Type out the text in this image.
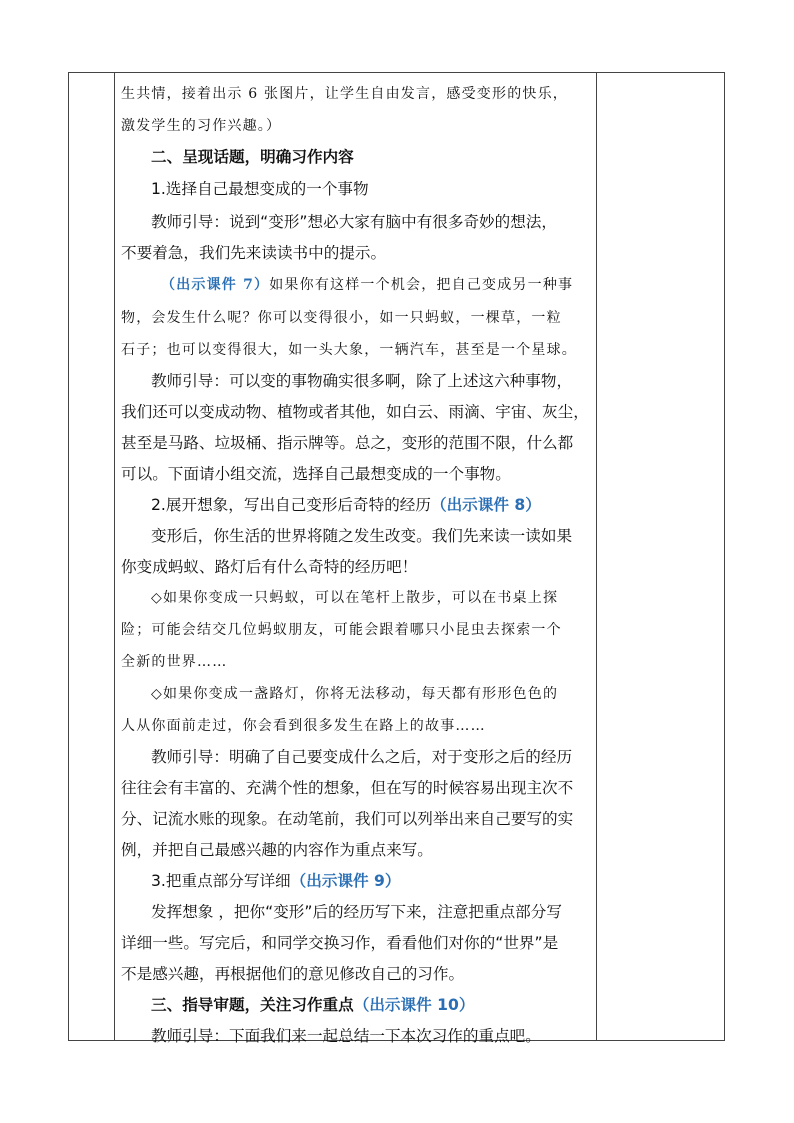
生共情，接着出示 6 张图片，让学生自由发言，感受变形的快乐，
激发学生的习作兴趣。）
二、呈现话题，明确习作内容
1.选择自己最想变成的一个事物
教师引导：说到“变形”想必大家有脑中有很多奇妙的想法，
不要着急，我们先来读读书中的提示。
（出示课件 7）如果你有这样一个机会，把自己变成另一种事
物，会发生什么呢？你可以变得很小，如一只蚂蚁，一棵草，一粒
石子；也可以变得很大，如一头大象，一辆汽车，甚至是一个星球。
教师引导：可以变的事物确实很多啊，除了上述这六种事物，
我们还可以变成动物、植物或者其他，如白云、雨滴、宇宙、灰尘，
甚至是马路、垃圾桶、指示牌等。总之，变形的范围不限，什么都
可以。下面请小组交流，选择自己最想变成的一个事物。
2.展开想象，写出自己变形后奇特的经历（出示课件 8）
变形后，你生活的世界将随之发生改变。我们先来读一读如果
你变成蚂蚁、路灯后有什么奇特的经历吧！
◇如果你变成一只蚂蚁，可以在笔杆上散步，可以在书桌上探
险；可能会结交几位蚂蚁朋友，可能会跟着哪只小昆虫去探索一个
全新的世界……
◇如果你变成一盏路灯，你将无法移动，每天都有形形色色的
人从你面前走过，你会看到很多发生在路上的故事……
教师引导：明确了自己要变成什么之后，对于变形之后的经历
往往会有丰富的、充满个性的想象，但在写的时候容易出现主次不
分、记流水账的现象。在动笔前，我们可以列举出来自己要写的实
例，并把自己最感兴趣的内容作为重点来写。
3.把重点部分写详细（出示课件 9）
发挥想象 ，把你“变形”后的经历写下来，注意把重点部分写
详细一些。写完后，和同学交换习作，看看他们对你的“世界”是
不是感兴趣，再根据他们的意见修改自己的习作。
三、指导审题，关注习作重点（出示课件 10）
教师引导：下面我们来一起总结一下本次习作的重点吧。
